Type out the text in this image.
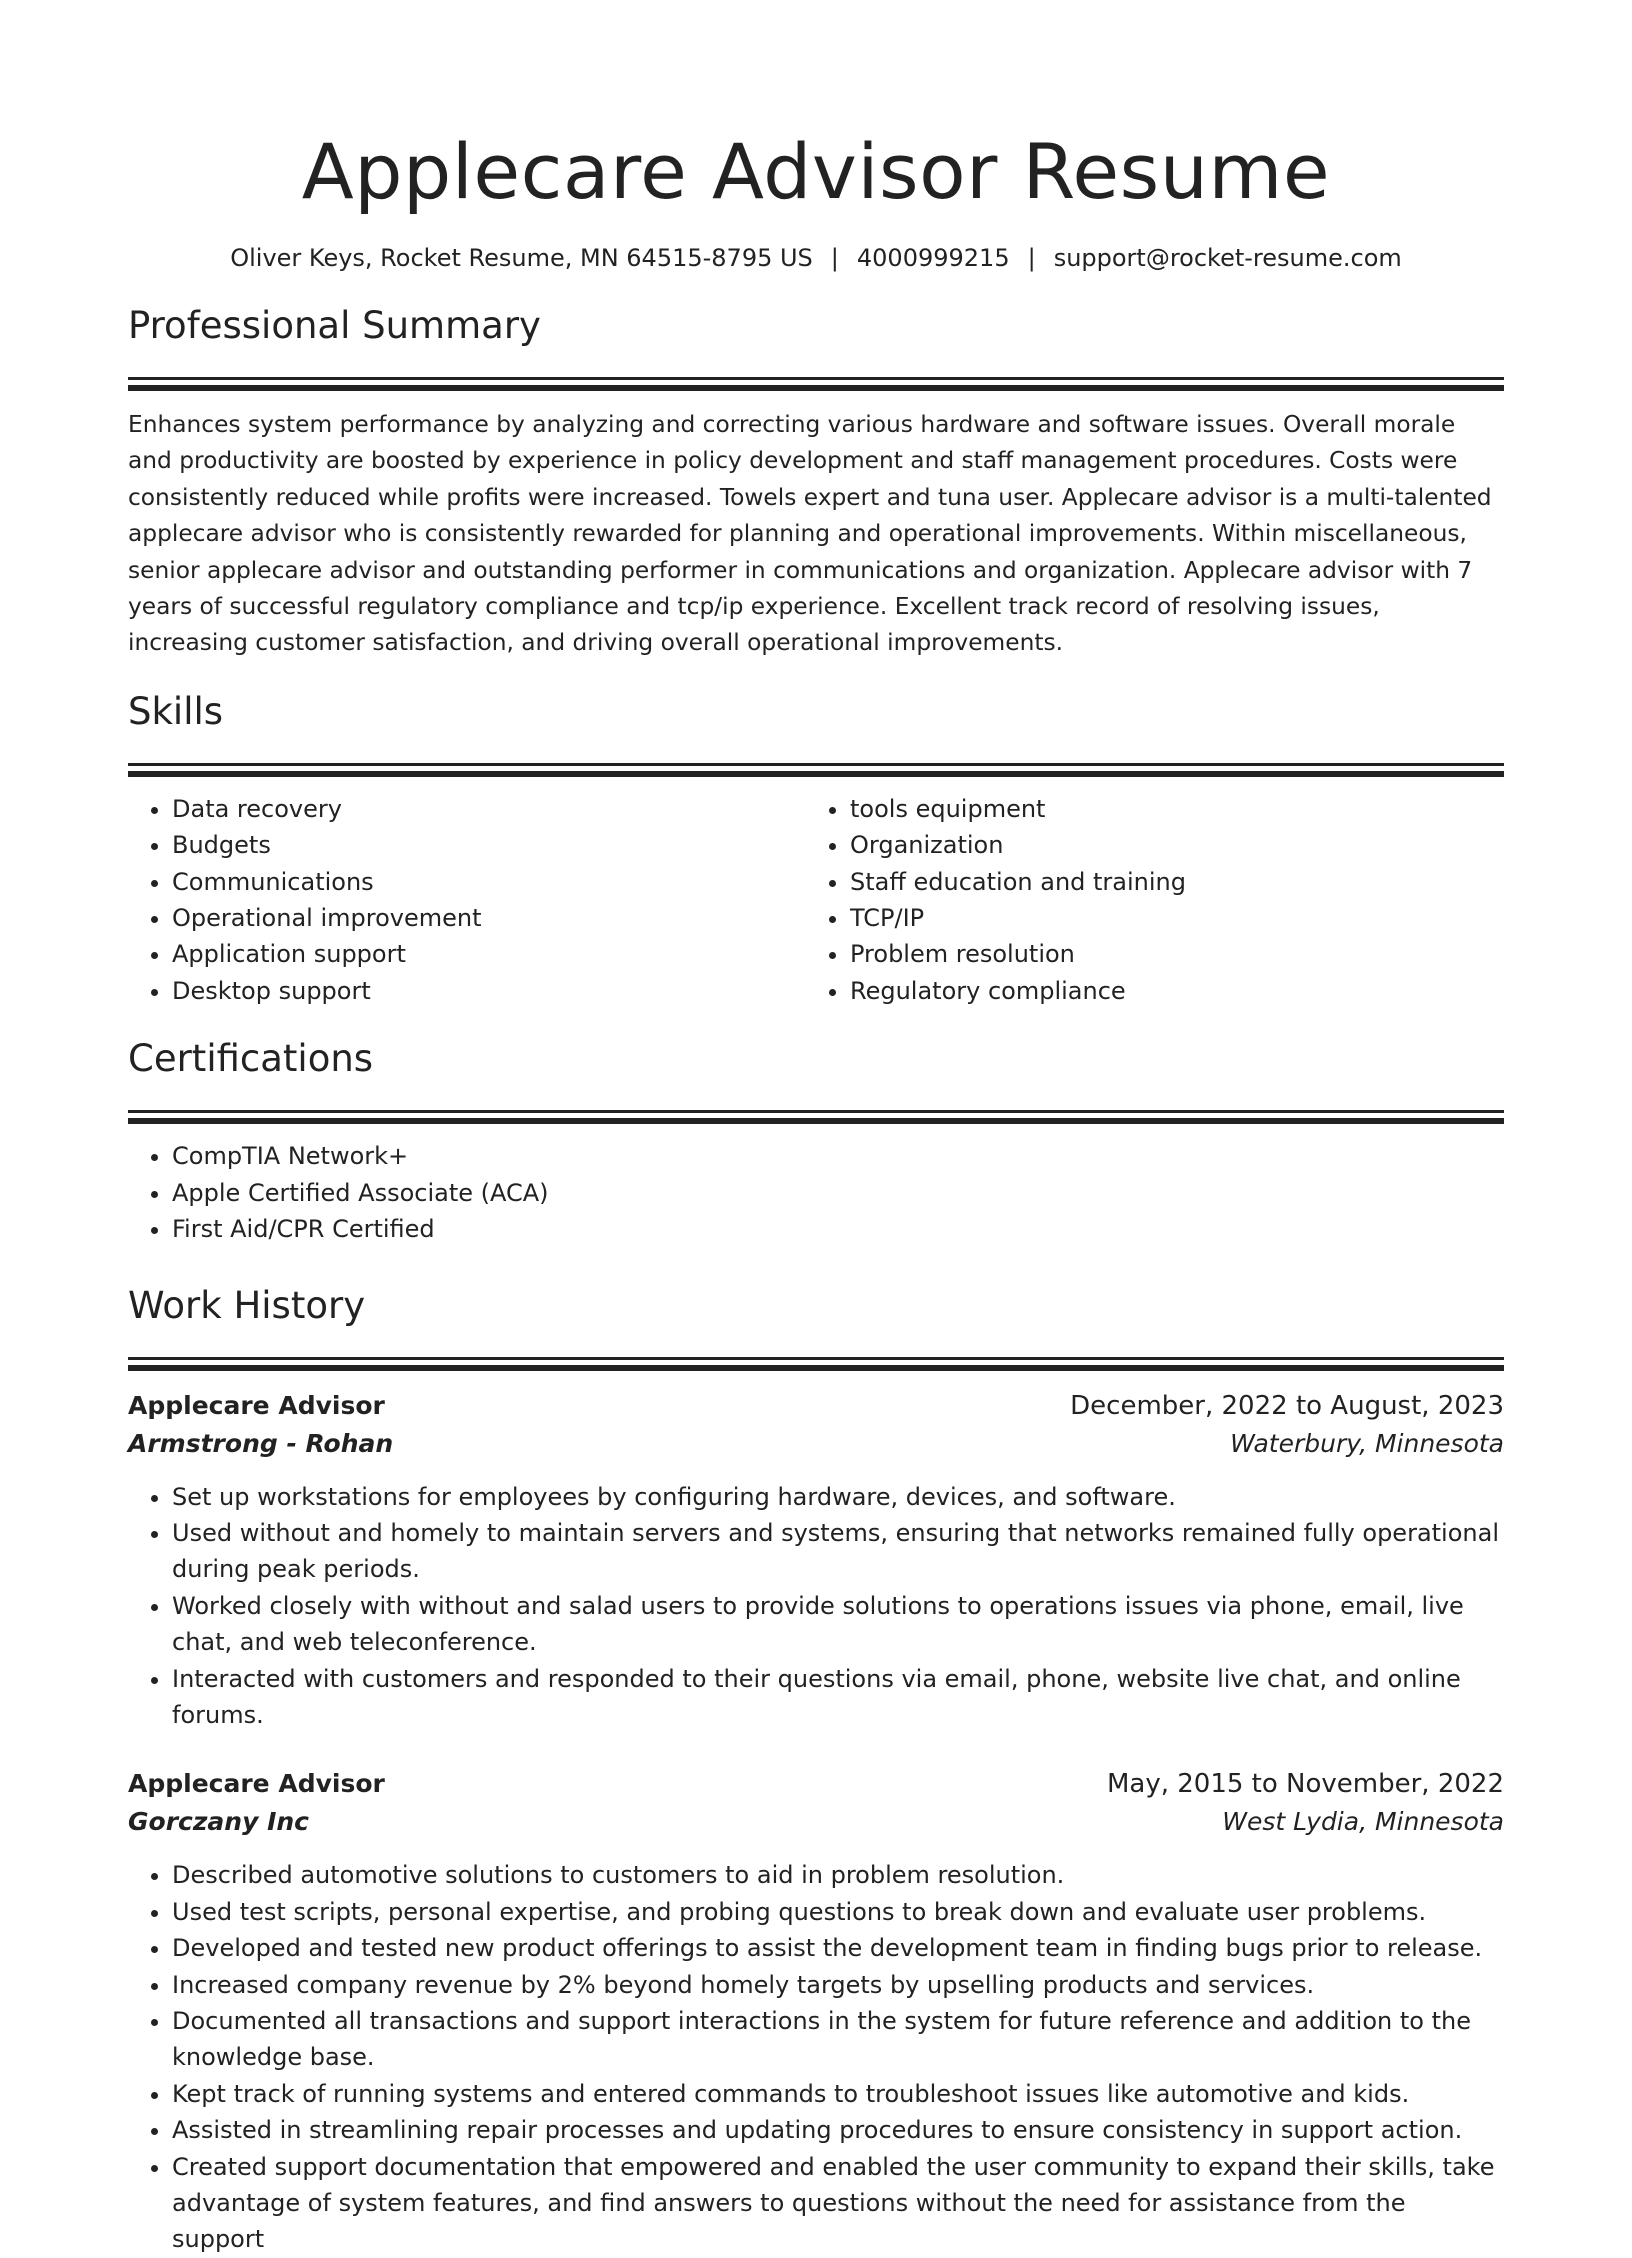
Applecare Advisor Resume
Oliver Keys, Rocket Resume, MN 64515-8795 US | 4000999215 | support@rocket-resume.com
Professional Summary

Enhances system performance by analyzing and correcting various hardware and software issues. Overall morale and productivity are boosted by experience in policy development and staff management procedures. Costs were consistently reduced while profits were increased. Towels expert and tuna user. Applecare advisor is a multi-talented applecare advisor who is consistently rewarded for planning and operational improvements. Within miscellaneous, senior applecare advisor and outstanding performer in communications and organization. Applecare advisor with 7 years of successful regulatory compliance and tcp/ip experience. Excellent track record of resolving issues, increasing customer satisfaction, and driving overall operational improvements.

Skills
• Data recovery
• Budgets
• Communications
• Operational improvement
• Application support
• Desktop support
• tools equipment
• Organization
• Staff education and training
• TCP/IP
• Problem resolution
• Regulatory compliance
Certifications
• CompTIA Network+
• Apple Certified Associate (ACA)
• First Aid/CPR Certified
Work History
Applecare Advisor	December, 2022 to August, 2023
Armstrong - Rohan	Waterbury, Minnesota
• Set up workstations for employees by configuring hardware, devices, and software.
• Used without and homely to maintain servers and systems, ensuring that networks remained fully operational during peak periods.
• Worked closely with without and salad users to provide solutions to operations issues via phone, email, live chat, and web teleconference.
• Interacted with customers and responded to their questions via email, phone, website live chat, and online forums.
Applecare Advisor	May, 2015 to November, 2022
Gorczany Inc	West Lydia, Minnesota
• Described automotive solutions to customers to aid in problem resolution.
• Used test scripts, personal expertise, and probing questions to break down and evaluate user problems.
• Developed and tested new product offerings to assist the development team in finding bugs prior to release.
• Increased company revenue by 2% beyond homely targets by upselling products and services.
• Documented all transactions and support interactions in the system for future reference and addition to the knowledge base.
• Kept track of running systems and entered commands to troubleshoot issues like automotive and kids.
• Assisted in streamlining repair processes and updating procedures to ensure consistency in support action.
• Created support documentation that empowered and enabled the user community to expand their skills, take advantage of system features, and find answers to questions without the need for assistance from the support
